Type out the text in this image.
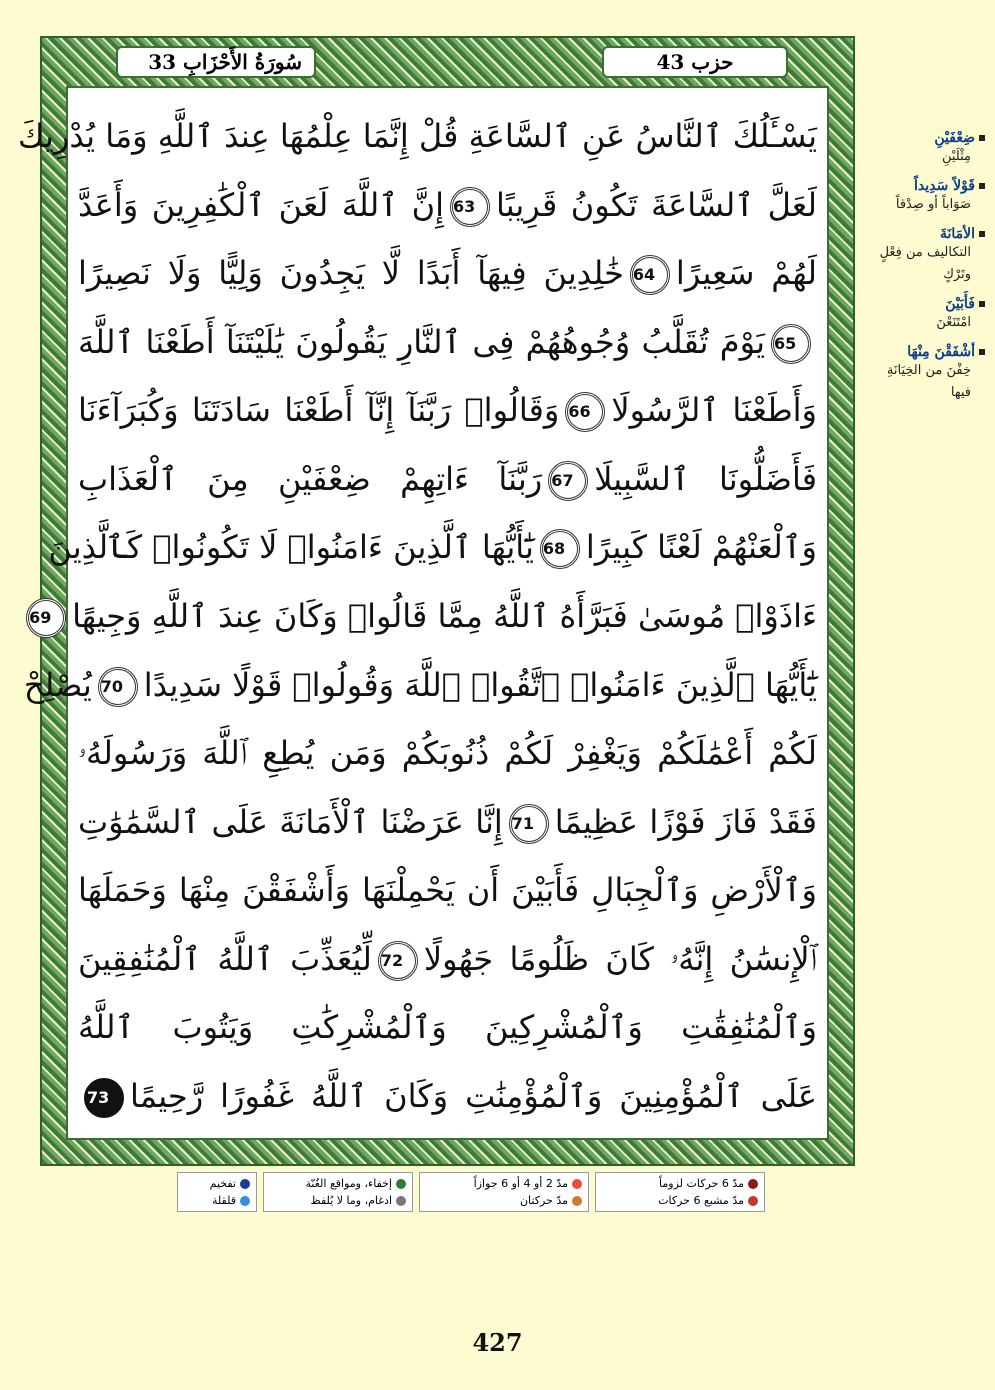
سُورَةُ الأَحْزَابِ 33	حزب 43
يَسْـَٔلُكَ ٱلنَّاسُ عَنِ ٱلسَّاعَةِ قُلْ إِنَّمَا عِلْمُهَا عِندَ ٱللَّهِ وَمَا يُدْرِيكَ
لَعَلَّ ٱلسَّاعَةَ تَكُونُ قَرِيبًا63إِنَّ ٱللَّهَ لَعَنَ ٱلْكَٰفِرِينَ وَأَعَدَّ
لَهُمْ سَعِيرًا64خَٰلِدِينَ فِيهَآ أَبَدًا لَّا يَجِدُونَ وَلِيًّا وَلَا نَصِيرًا
65يَوْمَ تُقَلَّبُ وُجُوهُهُمْ فِى ٱلنَّارِ يَقُولُونَ يَٰلَيْتَنَآ أَطَعْنَا ٱللَّهَ
وَأَطَعْنَا ٱلرَّسُولَا66وَقَالُوا۟ رَبَّنَآ إِنَّآ أَطَعْنَا سَادَتَنَا وَكُبَرَآءَنَا
فَأَضَلُّونَا ٱلسَّبِيلَا67رَبَّنَآ ءَاتِهِمْ ضِعْفَيْنِ مِنَ ٱلْعَذَابِ
وَٱلْعَنْهُمْ لَعْنًا كَبِيرًا68يَٰٓأَيُّهَا ٱلَّذِينَ ءَامَنُوا۟ لَا تَكُونُوا۟ كَٱلَّذِينَ
ءَاذَوْا۟ مُوسَىٰ فَبَرَّأَهُ ٱللَّهُ مِمَّا قَالُوا۟ وَكَانَ عِندَ ٱللَّهِ وَجِيهًا69
يَٰٓأَيُّهَا ٱلَّذِينَ ءَامَنُوا۟ ٱتَّقُوا۟ ٱللَّهَ وَقُولُوا۟ قَوْلًا سَدِيدًا70يُصْلِحْ
لَكُمْ أَعْمَٰلَكُمْ وَيَغْفِرْ لَكُمْ ذُنُوبَكُمْ وَمَن يُطِعِ ٱللَّهَ وَرَسُولَهُۥ
فَقَدْ فَازَ فَوْزًا عَظِيمًا71إِنَّا عَرَضْنَا ٱلْأَمَانَةَ عَلَى ٱلسَّمَٰوَٰتِ
وَٱلْأَرْضِ وَٱلْجِبَالِ فَأَبَيْنَ أَن يَحْمِلْنَهَا وَأَشْفَقْنَ مِنْهَا وَحَمَلَهَا
ٱلْإِنسَٰنُ إِنَّهُۥ كَانَ ظَلُومًا جَهُولًا72لِّيُعَذِّبَ ٱللَّهُ ٱلْمُنَٰفِقِينَ
وَٱلْمُنَٰفِقَٰتِ وَٱلْمُشْرِكِينَ وَٱلْمُشْرِكَٰتِ وَيَتُوبَ ٱللَّهُ
عَلَى ٱلْمُؤْمِنِينَ وَٱلْمُؤْمِنَٰتِ وَكَانَ ٱللَّهُ غَفُورًا رَّحِيمًا73
ضِعْفَيْنِ
مِثْلَيْنِ
قَوْلاً سَدِيداً
صَوَاباً أو صِدْقاً
الأمَانَةَ
التكاليف من فِعْلٍ وتَرْكٍ
فَأَبَيْنَ
امْتَنَعْنَ
أشْفَقْنَ مِنْهَا
خِفْنَ من الخِيَانَةِ فيها
مدّ 6 حركات لزوماً
مدّ مشبع 6 حركات
مدّ 2 أو 4 أو 6 جوازاً
مدّ حركتان
إخفاء، ومواقع الغُنّة
ادغام، وما لا يُلفظ
تفخيم
قلقلة
427
